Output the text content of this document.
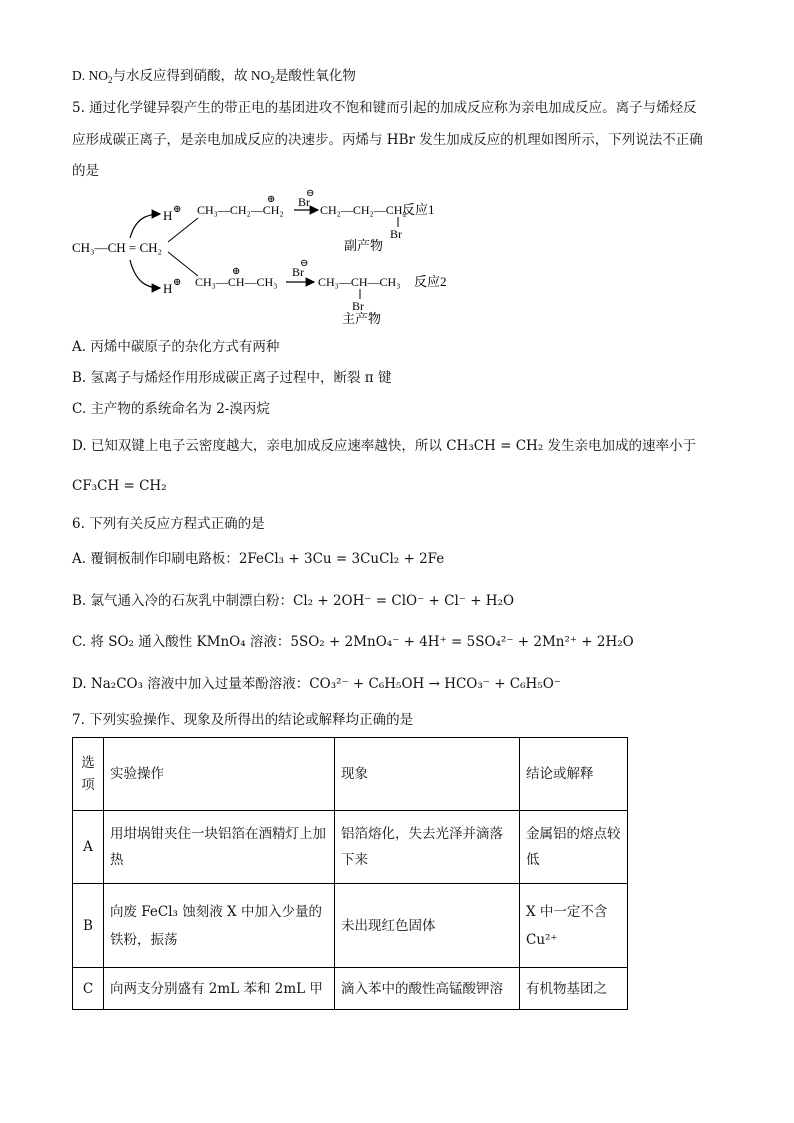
D. $NO_2$与水反应得到硝酸，故 $NO_2$是酸性氧化物
5. 通过化学键异裂产生的带正电的基团进攻不饱和键而引起的加成反应称为亲电加成反应。离子与烯烃反
应形成碳正离子，是亲电加成反应的决速步。丙烯与 HBr 发生加成反应的机理如图所示，下列说法不正确
的是
CH₃—CH = CH₂
H ⊕ CH₃—CH₂—CH₂
⊕ Br
⊖
CH₂—CH₂—CH₂
Br
反应1
副产物
H ⊕ CH₃—CH—CH₃
⊕	Br
⊖
CH₃—CH—CH₃
Br
反应2
主产物
A. 丙烯中碳原子的杂化方式有两种
B. 氢离子与烯烃作用形成碳正离子过程中，断裂 π 键
C. 主产物的系统命名为 2-溴丙烷
D. 已知双键上电子云密度越大，亲电加成反应速率越快，所以 CH₃CH = CH₂ 发生亲电加成的速率小于
CF₃CH = CH₂
6. 下列有关反应方程式正确的是
A. 覆铜板制作印刷电路板：2FeCl₃ + 3Cu = 3CuCl₂ + 2Fe
B. 氯气通入冷的石灰乳中制漂白粉：Cl₂ + 2OH⁻ = ClO⁻ + Cl⁻ + H₂O
C. 将 SO₂ 通入酸性 KMnO₄ 溶液：5SO₂ + 2MnO₄⁻ + 4H⁺ = 5SO₄²⁻ + 2Mn²⁺ + 2H₂O
D. Na₂CO₃ 溶液中加入过量苯酚溶液：CO₃²⁻ + C₆H₅OH → HCO₃⁻ + C₆H₅O⁻
7. 下列实验操作、现象及所得出的结论或解释均正确的是
选项	实验操作	现象	结论或解释
A	用坩埚钳夹住一块铝箔在酒精灯上加热	铝箔熔化，失去光泽并滴落下来	金属铝的熔点较低
B	向废 FeCl₃ 蚀刻液 X 中加入少量的铁粉，振荡	未出现红色固体	X 中一定不含 Cu²⁺
C	向两支分别盛有 2mL 苯和 2mL 甲	滴入苯中的酸性高锰酸钾溶	有机物基团之
